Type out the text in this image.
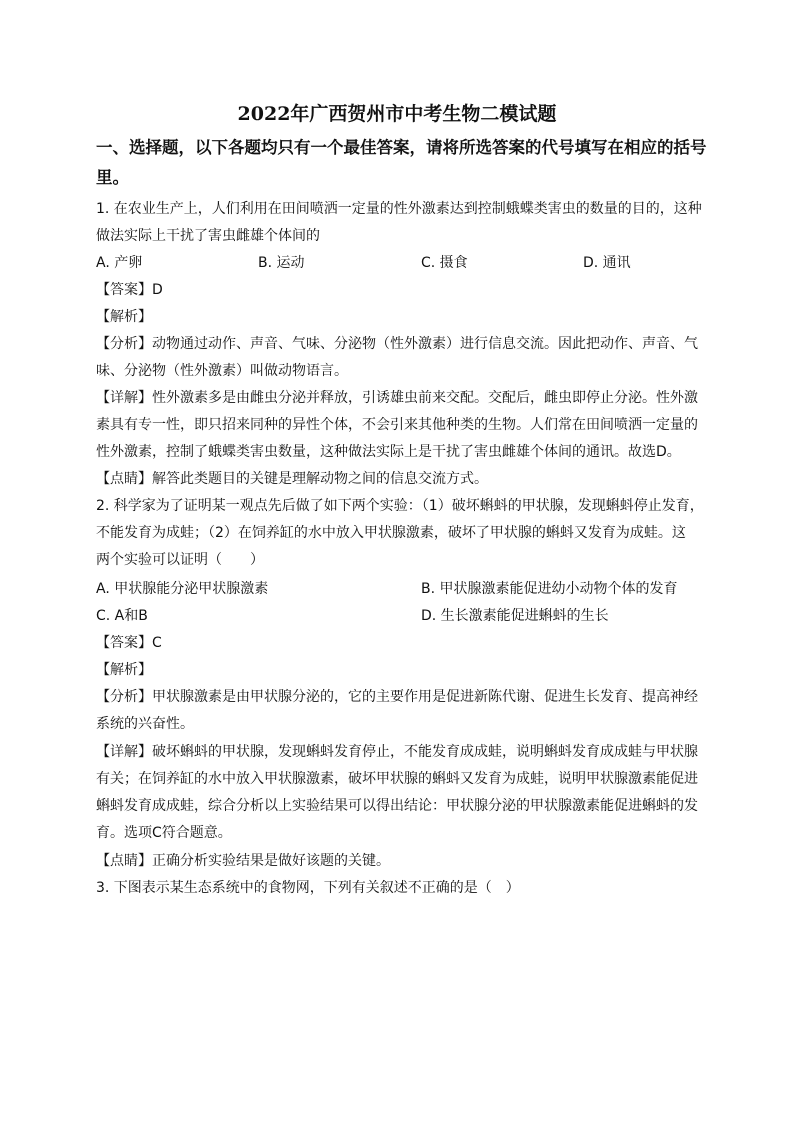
2022年广西贺州市中考生物二模试题
一、选择题，以下各题均只有一个最佳答案，请将所选答案的代号填写在相应的括号
里。
1. 在农业生产上，人们利用在田间喷洒一定量的性外激素达到控制蛾蝶类害虫的数量的目的，这种
做法实际上干扰了害虫雌雄个体间的
A. 产卵	B. 运动	C. 摄食	D. 通讯
【答案】D
【解析】
【分析】动物通过动作、声音、气味、分泌物（性外激素）进行信息交流。因此把动作、声音、气
味、分泌物（性外激素）叫做动物语言。
【详解】性外激素多是由雌虫分泌并释放，引诱雄虫前来交配。交配后，雌虫即停止分泌。性外激
素具有专一性，即只招来同种的异性个体，不会引来其他种类的生物。人们常在田间喷洒一定量的
性外激素，控制了蛾蝶类害虫数量，这种做法实际上是干扰了害虫雌雄个体间的通讯。故选D。
【点睛】解答此类题目的关键是理解动物之间的信息交流方式。
2. 科学家为了证明某一观点先后做了如下两个实验：（1）破坏蝌蚪的甲状腺，发现蝌蚪停止发育，
不能发育为成蛙；（2）在饲养缸的水中放入甲状腺激素，破坏了甲状腺的蝌蚪又发育为成蛙。这
两个实验可以证明（　　）
A. 甲状腺能分泌甲状腺激素	B. 甲状腺激素能促进幼小动物个体的发育
C. A和B	D. 生长激素能促进蝌蚪的生长
【答案】C
【解析】
【分析】甲状腺激素是由甲状腺分泌的，它的主要作用是促进新陈代谢、促进生长发育、提高神经
系统的兴奋性。
【详解】破坏蝌蚪的甲状腺，发现蝌蚪发育停止，不能发育成成蛙，说明蝌蚪发育成成蛙与甲状腺
有关；在饲养缸的水中放入甲状腺激素，破坏甲状腺的蝌蚪又发育为成蛙，说明甲状腺激素能促进
蝌蚪发育成成蛙，综合分析以上实验结果可以得出结论：甲状腺分泌的甲状腺激素能促进蝌蚪的发
育。选项C符合题意。
【点睛】正确分析实验结果是做好该题的关键。
3. 下图表示某生态系统中的食物网，下列有关叙述不正确的是（　）
